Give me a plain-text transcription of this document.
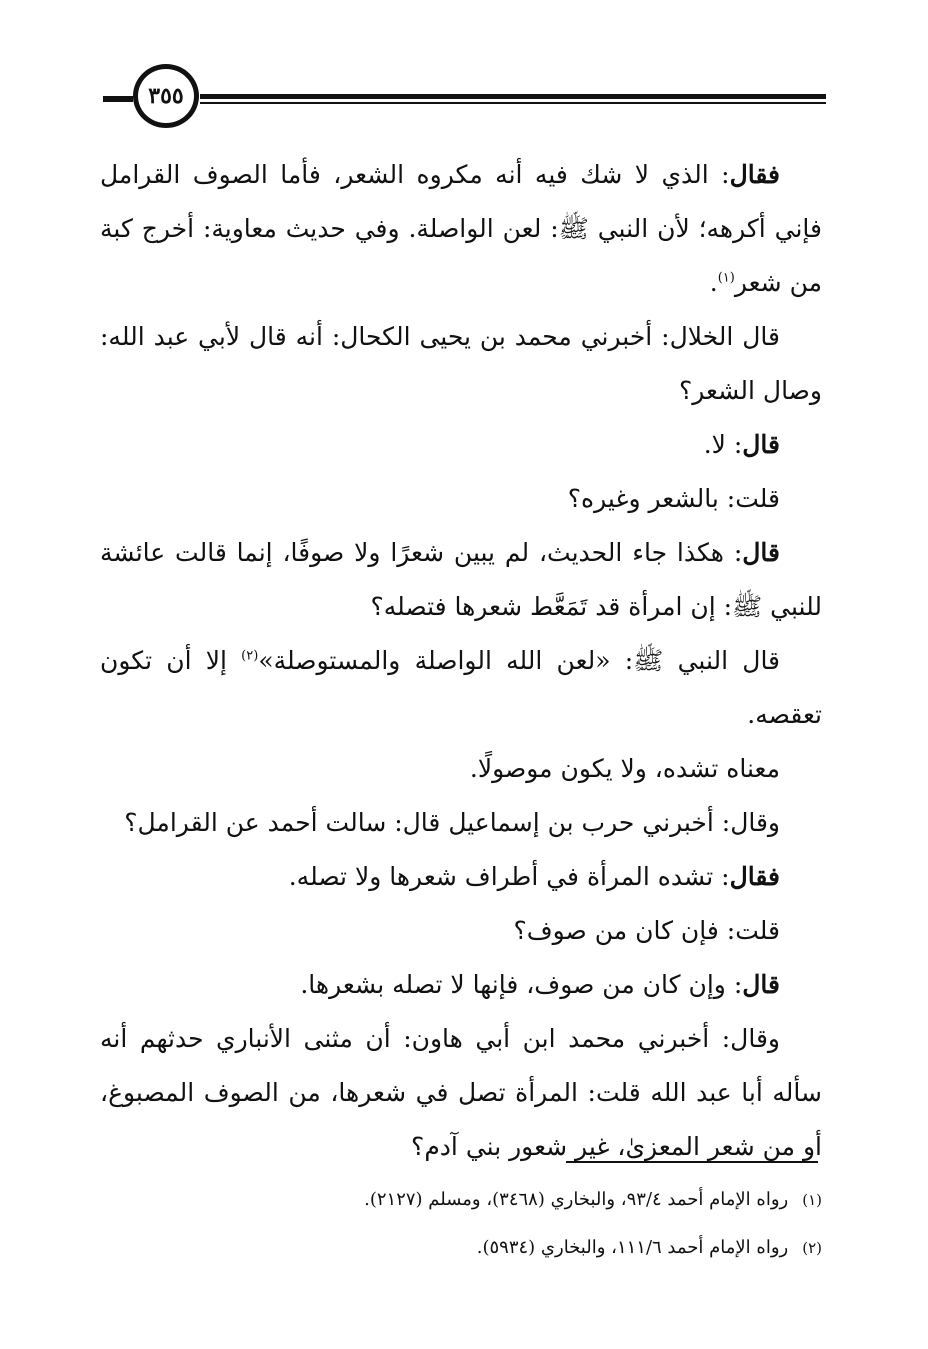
٣٥٥

فقال: الذي لا شك فيه أنه مكروه الشعر، فأما الصوف القرامل فإني أكرهه؛ لأن النبي ﷺ: لعن الواصلة. وفي حديث معاوية: أخرج كبة من شعر$^{(١)}$.

قال الخلال: أخبرني محمد بن يحيى الكحال: أنه قال لأبي عبد الله: وصال الشعر؟

قال: لا.

قلت: بالشعر وغيره؟

قال: هكذا جاء الحديث، لم يبين شعرًا ولا صوفًا، إنما قالت عائشة للنبي ﷺ: إن امرأة قد تَمَعَّط شعرها فتصله؟

قال النبي ﷺ: «لعن الله الواصلة والمستوصلة»$^{(٢)}$ إلا أن تكون تعقصه.

معناه تشده، ولا يكون موصولًا.

وقال: أخبرني حرب بن إسماعيل قال: سالت أحمد عن القرامل؟

فقال: تشده المرأة في أطراف شعرها ولا تصله.

قلت: فإن كان من صوف؟

قال: وإن كان من صوف، فإنها لا تصله بشعرها.

وقال: أخبرني محمد ابن أبي هاون: أن مثنى الأنباري حدثهم أنه سأله أبا عبد الله قلت: المرأة تصل في شعرها، من الصوف المصبوغ، أو من شعر المعزىٰ، غير شعور بني آدم؟

(١)رواه الإمام أحمد ٩٣/٤، والبخاري (٣٤٦٨)، ومسلم (٢١٢٧).

(٢)رواه الإمام أحمد ١١١/٦، والبخاري (٥٩٣٤).
